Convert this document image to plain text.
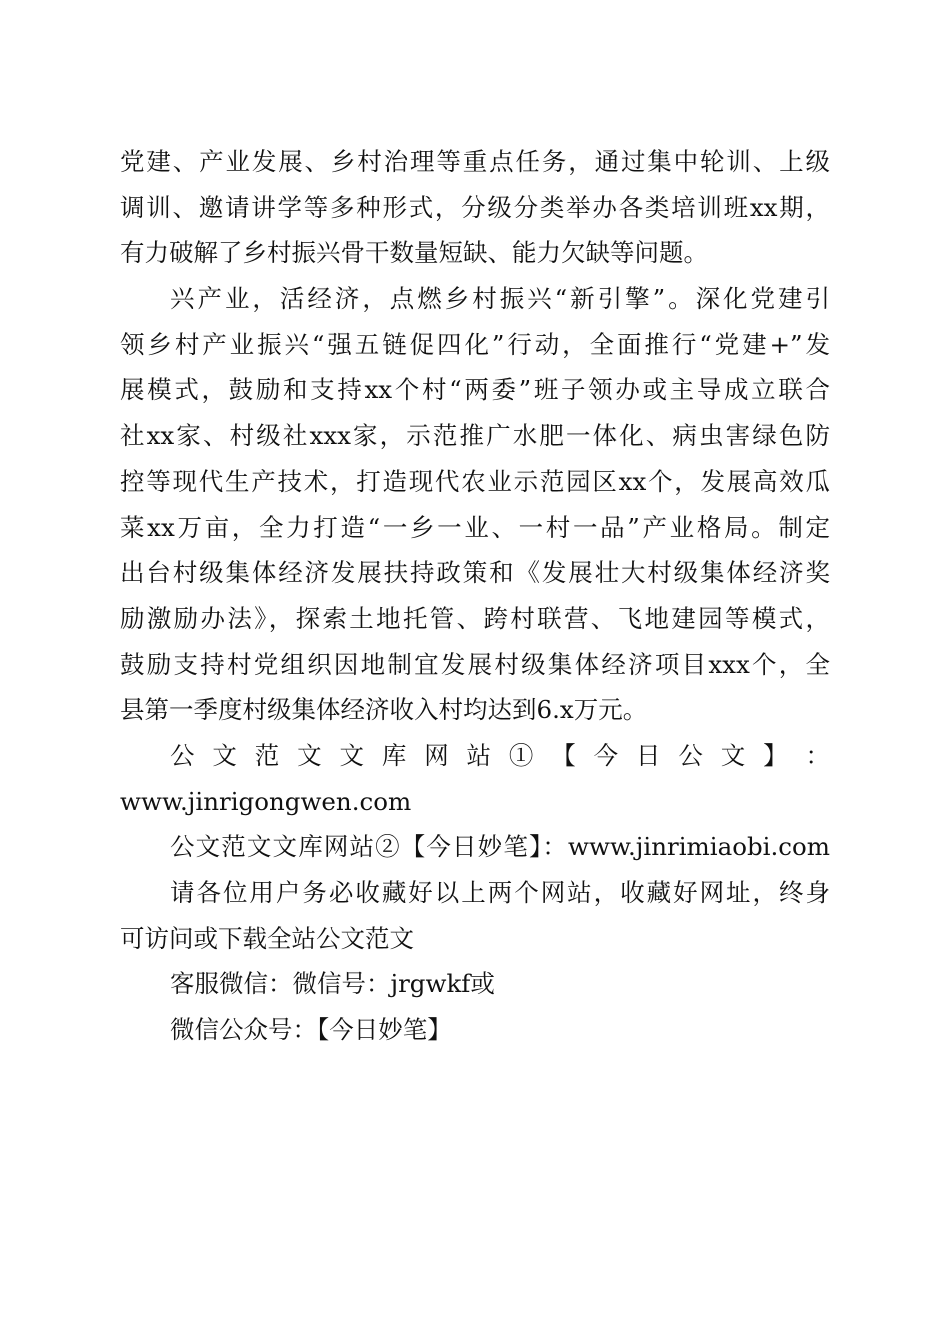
党建、产业发展、乡村治理等重点任务，通过集中轮训、上级
调训、邀请讲学等多种形式，分级分类举办各类培训班xx期，
有力破解了乡村振兴骨干数量短缺、能力欠缺等问题。
兴产业，活经济，点燃乡村振兴“新引擎”。深化党建引
领乡村产业振兴“强五链促四化”行动，全面推行“党建+”发
展模式，鼓励和支持xx个村“两委”班子领办或主导成立联合
社xx家、村级社xxx家，示范推广水肥一体化、病虫害绿色防
控等现代生产技术，打造现代农业示范园区xx个，发展高效瓜
菜xx万亩，全力打造“一乡一业、一村一品”产业格局。制定
出台村级集体经济发展扶持政策和《发展壮大村级集体经济奖
励激励办法》，探索土地托管、跨村联营、飞地建园等模式，
鼓励支持村党组织因地制宜发展村级集体经济项目xxx个，全
县第一季度村级集体经济收入村均达到6.x万元。
公 文 范 文 文 库 网 站 ① 【 今 日 公 文 】 ：
www.jinrigongwen.com
公文范文文库网站②【今日妙笔】：www.jinrimiaobi.com
请各位用户务必收藏好以上两个网站，收藏好网址，终身
可访问或下载全站公文范文
客服微信：微信号：jrgwkf或
微信公众号：【今日妙笔】
